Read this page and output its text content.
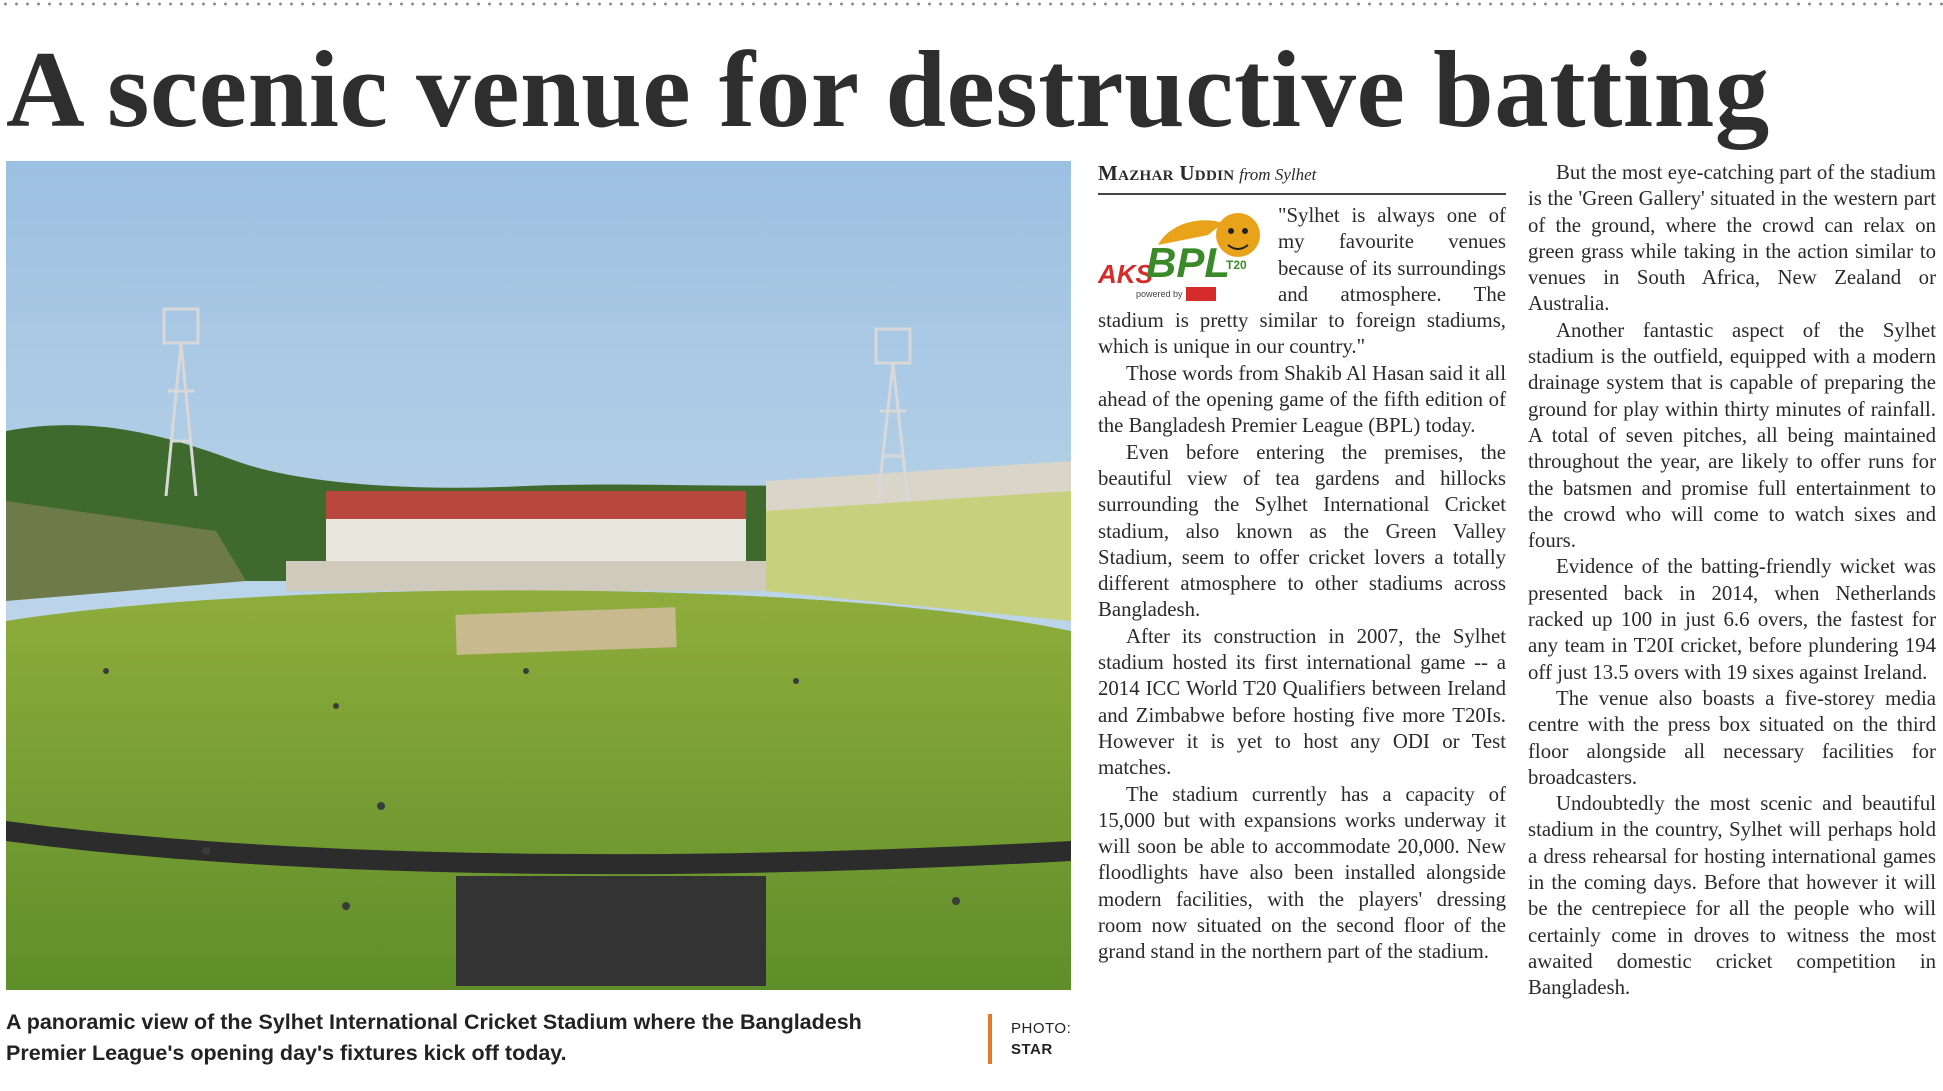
A scenic venue for destructive batting
A panoramic view of the Sylhet International Cricket Stadium where the Bangladesh Premier League's opening day's fixtures kick off today.
PHOTO:
STAR
Mazhar Uddin from Sylhet
AKS
BPL
T20
powered by

"Sylhet is always one of my favourite venues because of its surroundings and atmosphere. The stadium is pretty similar to foreign stadiums, which is unique in our country."

Those words from Shakib Al Hasan said it all ahead of the opening game of the fifth edition of the Bangladesh Premier League (BPL) today.

Even before entering the premises, the beautiful view of tea gardens and hillocks surrounding the Sylhet International Cricket stadium, also known as the Green Valley Stadium, seem to offer cricket lovers a totally different atmosphere to other stadiums across Bangladesh.

After its construction in 2007, the Sylhet stadium hosted its first international game -- a 2014 ICC World T20 Qualifiers between Ireland and Zimbabwe before hosting five more T20Is. However it is yet to host any ODI or Test matches.

The stadium currently has a capacity of 15,000 but with expansions works underway it will soon be able to accommodate 20,000. New floodlights have also been installed alongside modern facilities, with the players' dressing room now situated on the second floor of the grand stand in the northern part of the stadium.

But the most eye-catching part of the stadium is the 'Green Gallery' situated in the western part of the ground, where the crowd can relax on green grass while taking in the action similar to venues in South Africa, New Zealand or Australia.

Another fantastic aspect of the Sylhet stadium is the outfield, equipped with a modern drainage system that is capable of preparing the ground for play within thirty minutes of rainfall. A total of seven pitches, all being maintained throughout the year, are likely to offer runs for the batsmen and promise full entertainment to the crowd who will come to watch sixes and fours.

Evidence of the batting-friendly wicket was presented back in 2014, when Netherlands racked up 100 in just 6.6 overs, the fastest for any team in T20I cricket, before plundering 194 off just 13.5 overs with 19 sixes against Ireland.

The venue also boasts a five-storey media centre with the press box situated on the third floor alongside all necessary facilities for broadcasters.

Undoubtedly the most scenic and beautiful stadium in the country, Sylhet will perhaps hold a dress rehearsal for hosting international games in the coming days. Before that however it will be the centrepiece for all the people who will certainly come in droves to witness the most awaited domestic cricket competition in Bangladesh.
